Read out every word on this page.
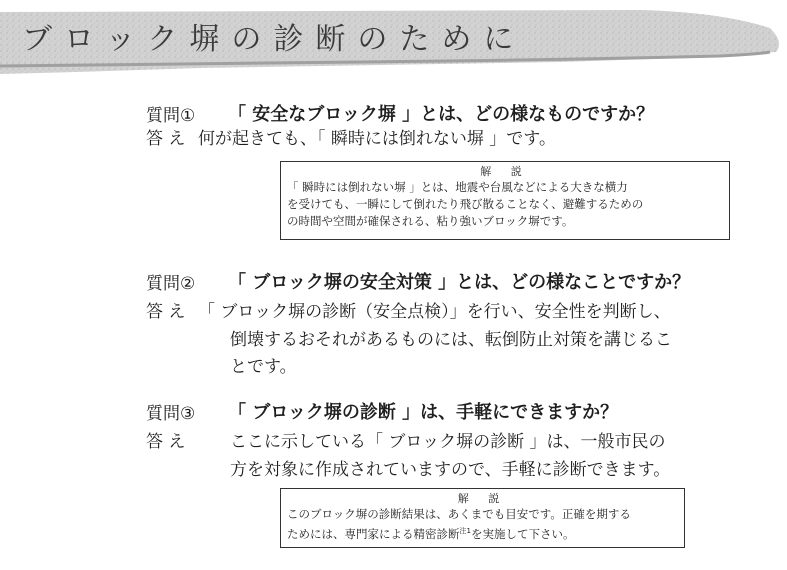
ブロック塀の診断のために
質問① 「 安全なブロック塀 」とは、どの様なものですか？
答 え 何が起きても、「 瞬時には倒れない塀 」です。
解 説
「 瞬時には倒れない塀 」とは、地震や台風などによる大きな横力
を受けても、一瞬にして倒れたり飛び散ることなく、避難するための
の時間や空間が確保される、粘り強いブロック塀です。
質問② 「 ブロック塀の安全対策 」とは、どの様なことですか？
答 え 「 ブロック塀の診断（安全点検）」を行い、安全性を判断し、
倒壊するおそれがあるものには、転倒防止対策を講じるこ
とです。
質問③ 「 ブロック塀の診断 」は、手軽にできますか？
答 え	ここに示している「 ブロック塀の診断 」は、一般市民の
方を対象に作成されていますので、手軽に診断できます。
解 説
このブロック塀の診断結果は、あくまでも目安です。正確を期する
ためには、専門家による精密診断$^{注1}$を実施して下さい。
